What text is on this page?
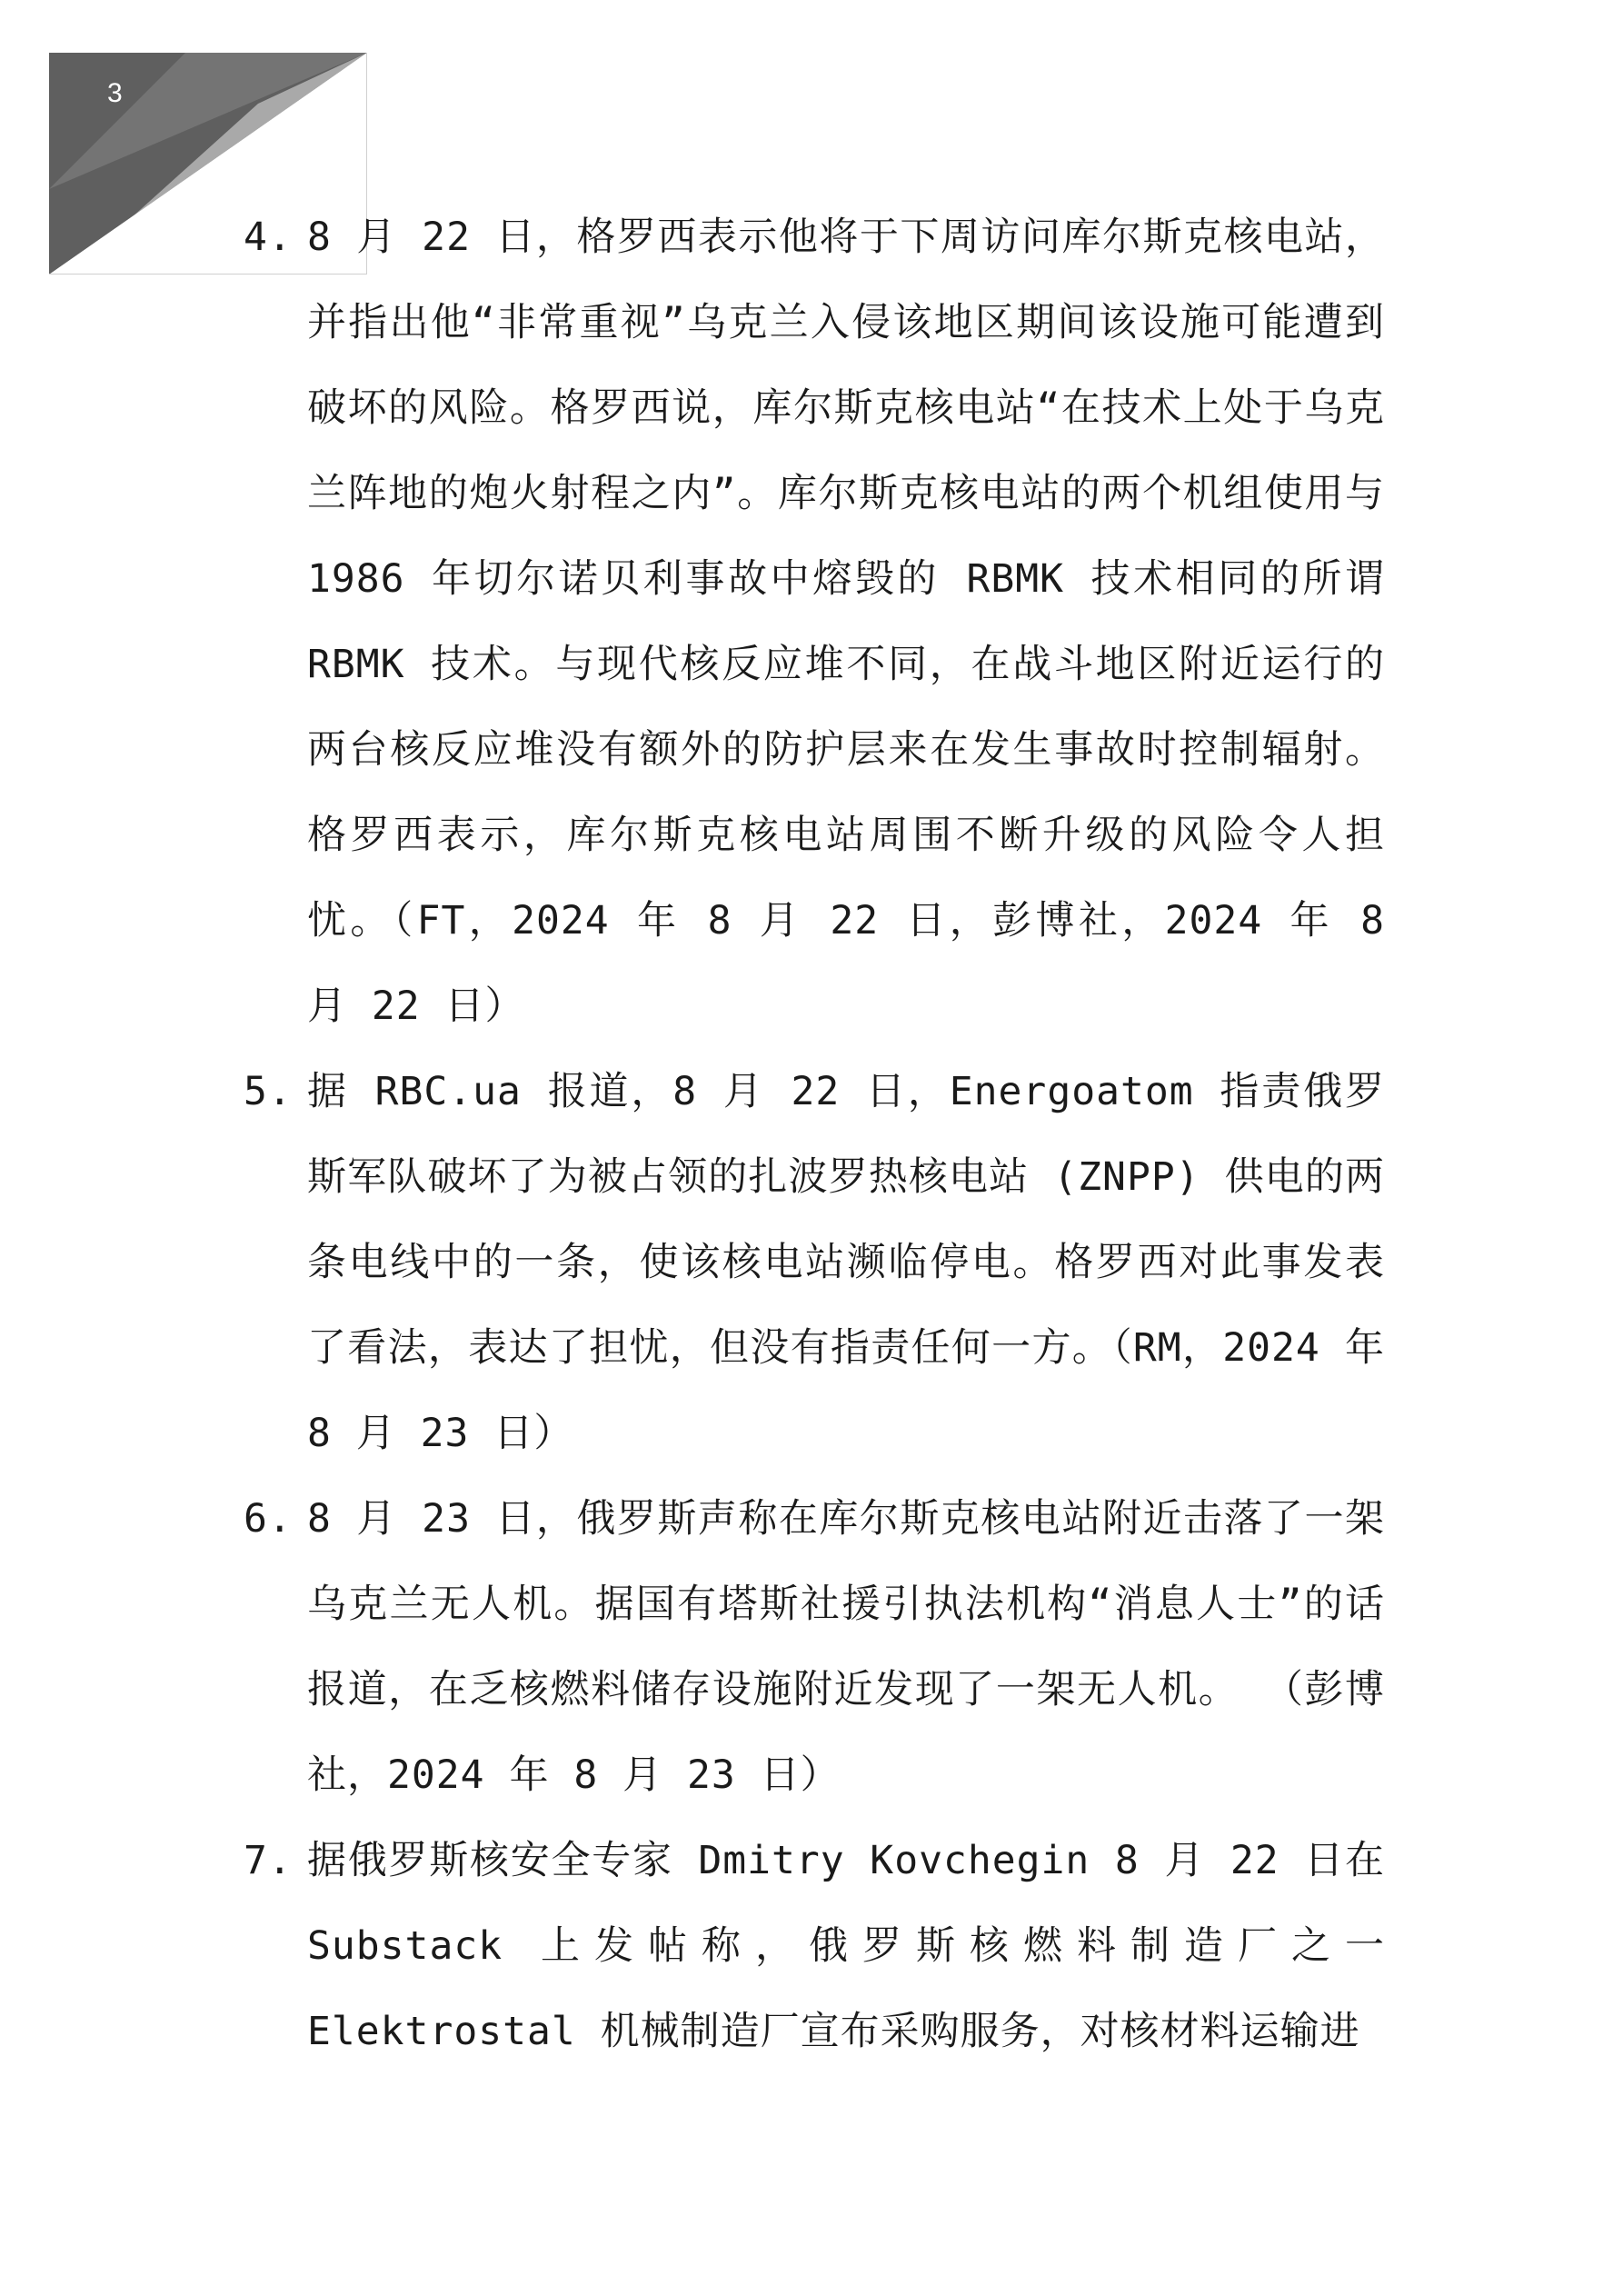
3
4. 8 月 22 日，格罗西表示他将于下周访问库尔斯克核电站，并指出他“非常重视”乌克兰入侵该地区期间该设施可能遭到破坏的风险。格罗西说，库尔斯克核电站“在技术上处于乌克兰阵地的炮火射程之内”。库尔斯克核电站的两个机组使用与 1986 年切尔诺贝利事故中熔毁的 RBMK 技术相同的所谓 RBMK 技术。与现代核反应堆不同，在战斗地区附近运行的两台核反应堆没有额外的防护层来在发生事故时控制辐射。格罗西表示，库尔斯克核电站周围不断升级的风险令人担忧。（FT，2024 年 8 月 22 日，彭博社，2024 年 8 月 22 日）
5. 据 RBC.ua 报道，8 月 22 日，Energoatom 指责俄罗斯军队破坏了为被占领的扎波罗热核电站 (ZNPP) 供电的两条电线中的一条，使该核电站濒临停电。格罗西对此事发表了看法，表达了担忧，但没有指责任何一方。（RM，2024 年 8 月 23 日）
6. 8 月 23 日，俄罗斯声称在库尔斯克核电站附近击落了一架乌克兰无人机。据国有塔斯社援引执法机构“消息人士”的话报道，在乏核燃料储存设施附近发现了一架无人机。 （彭博社，2024 年 8 月 23 日）
7. 据俄罗斯核安全专家 Dmitry Kovchegin 8 月 22 日在 Substack 上发帖称，俄罗斯核燃料制造厂之一 Elektrostal 机械制造厂宣布采购服务，对核材料运输进
